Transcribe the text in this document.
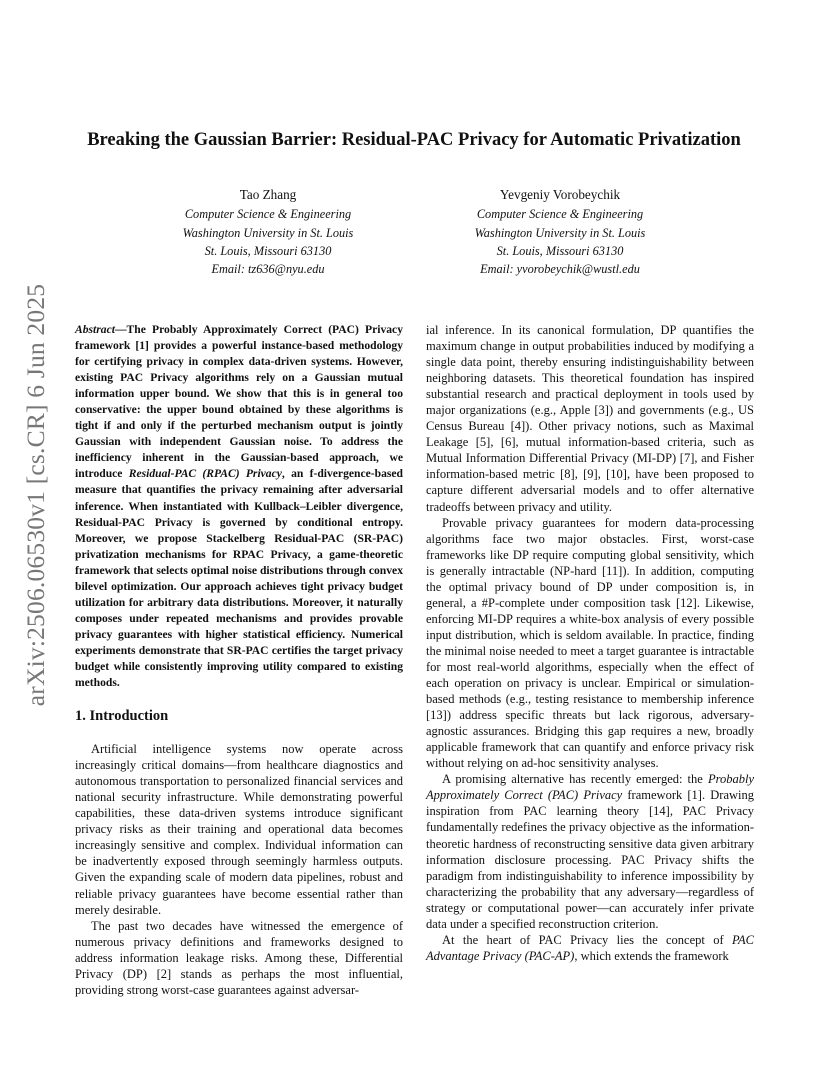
arXiv:2506.06530v1 [cs.CR] 6 Jun 2025
Breaking the Gaussian Barrier: Residual-PAC Privacy for Automatic Privatization
Tao Zhang
Computer Science & Engineering
Washington University in St. Louis
St. Louis, Missouri 63130
Email: tz636@nyu.edu
Yevgeniy Vorobeychik
Computer Science & Engineering
Washington University in St. Louis
St. Louis, Missouri 63130
Email: yvorobeychik@wustl.edu

Abstract—The Probably Approximately Correct (PAC) Privacy framework [1] provides a powerful instance-based methodology for certifying privacy in complex data-driven systems. However, existing PAC Privacy algorithms rely on a Gaussian mutual information upper bound. We show that this is in general too conservative: the upper bound obtained by these algorithms is tight if and only if the perturbed mechanism output is jointly Gaussian with independent Gaussian noise. To address the inefficiency inherent in the Gaussian-based approach, we introduce Residual-PAC (RPAC) Privacy, an f-divergence-based measure that quantifies the privacy remaining after adversarial inference. When instantiated with Kullback–Leibler divergence, Residual-PAC Privacy is governed by conditional entropy. Moreover, we propose Stackelberg Residual-PAC (SR-PAC) privatization mechanisms for RPAC Privacy, a game-theoretic framework that selects optimal noise distributions through convex bilevel optimization. Our approach achieves tight privacy budget utilization for arbitrary data distributions. Moreover, it naturally composes under repeated mechanisms and provides provable privacy guarantees with higher statistical efficiency. Numerical experiments demonstrate that SR-PAC certifies the target privacy budget while consistently improving utility compared to existing methods.

1. Introduction

Artificial intelligence systems now operate across increasingly critical domains—from healthcare diagnostics and autonomous transportation to personalized financial services and national security infrastructure. While demonstrating powerful capabilities, these data-driven systems introduce significant privacy risks as their training and operational data becomes increasingly sensitive and complex. Individual information can be inadvertently exposed through seemingly harmless outputs. Given the expanding scale of modern data pipelines, robust and reliable privacy guarantees have become essential rather than merely desirable.

The past two decades have witnessed the emergence of numerous privacy definitions and frameworks designed to address information leakage risks. Among these, Differential Privacy (DP) [2] stands as perhaps the most influential, providing strong worst-case guarantees against adversar-

ial inference. In its canonical formulation, DP quantifies the maximum change in output probabilities induced by modifying a single data point, thereby ensuring indistinguishability between neighboring datasets. This theoretical foundation has inspired substantial research and practical deployment in tools used by major organizations (e.g., Apple [3]) and governments (e.g., US Census Bureau [4]). Other privacy notions, such as Maximal Leakage [5], [6], mutual information-based criteria, such as Mutual Information Differential Privacy (MI-DP) [7], and Fisher information-based metric [8], [9], [10], have been proposed to capture different adversarial models and to offer alternative tradeoffs between privacy and utility.

Provable privacy guarantees for modern data-processing algorithms face two major obstacles. First, worst-case frameworks like DP require computing global sensitivity, which is generally intractable (NP-hard [11]). In addition, computing the optimal privacy bound of DP under composition is, in general, a #P-complete under composition task [12]. Likewise, enforcing MI-DP requires a white-box analysis of every possible input distribution, which is seldom available. In practice, finding the minimal noise needed to meet a target guarantee is intractable for most real-world algorithms, especially when the effect of each operation on privacy is unclear. Empirical or simulation-based methods (e.g., testing resistance to membership inference [13]) address specific threats but lack rigorous, adversary-agnostic assurances. Bridging this gap requires a new, broadly applicable framework that can quantify and enforce privacy risk without relying on ad-hoc sensitivity analyses.

A promising alternative has recently emerged: the Probably Approximately Correct (PAC) Privacy framework [1]. Drawing inspiration from PAC learning theory [14], PAC Privacy fundamentally redefines the privacy objective as the information-theoretic hardness of reconstructing sensitive data given arbitrary information disclosure processing. PAC Privacy shifts the paradigm from indistinguishability to inference impossibility by characterizing the probability that any adversary—regardless of strategy or computational power—can accurately infer private data under a specified reconstruction criterion.

At the heart of PAC Privacy lies the concept of PAC Advantage Privacy (PAC-AP), which extends the framework
